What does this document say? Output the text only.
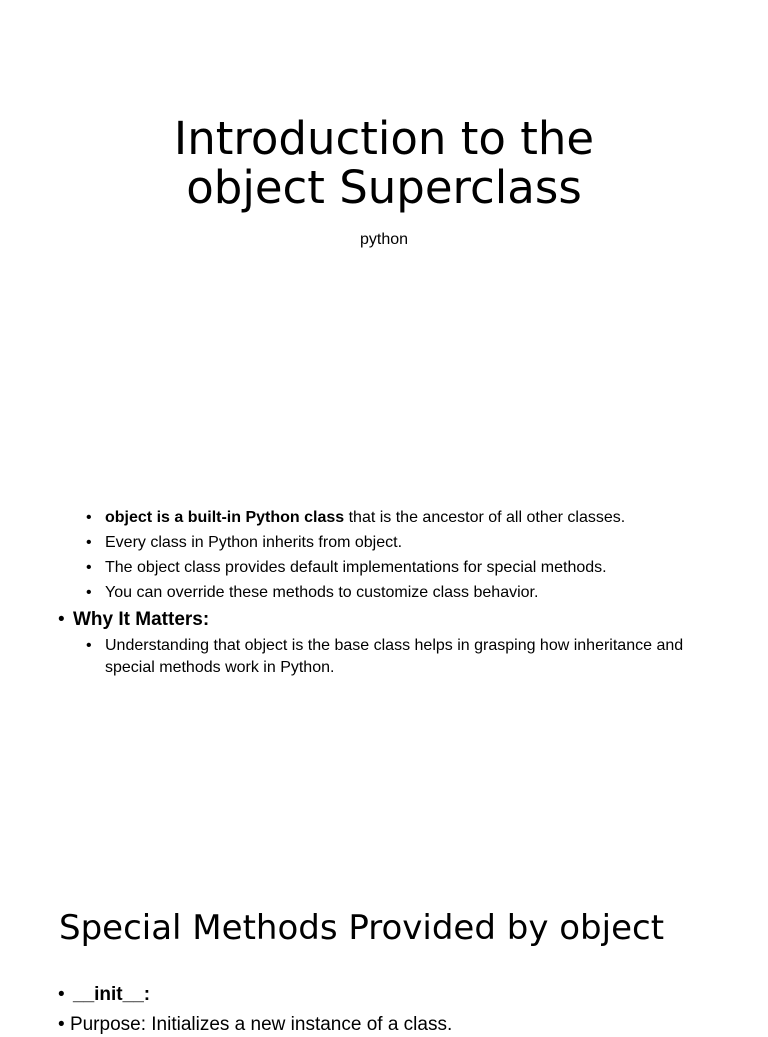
Introduction to the
object Superclass
python
• object is a built-in Python class that is the ancestor of all other classes.
• Every class in Python inherits from object.
• The object class provides default implementations for special methods.
• You can override these methods to customize class behavior.
• Why It Matters:
• Understanding that object is the base class helps in grasping how inheritance and special methods work in Python.
Special Methods Provided by object
• __init__:
• Purpose: Initializes a new instance of a class.
